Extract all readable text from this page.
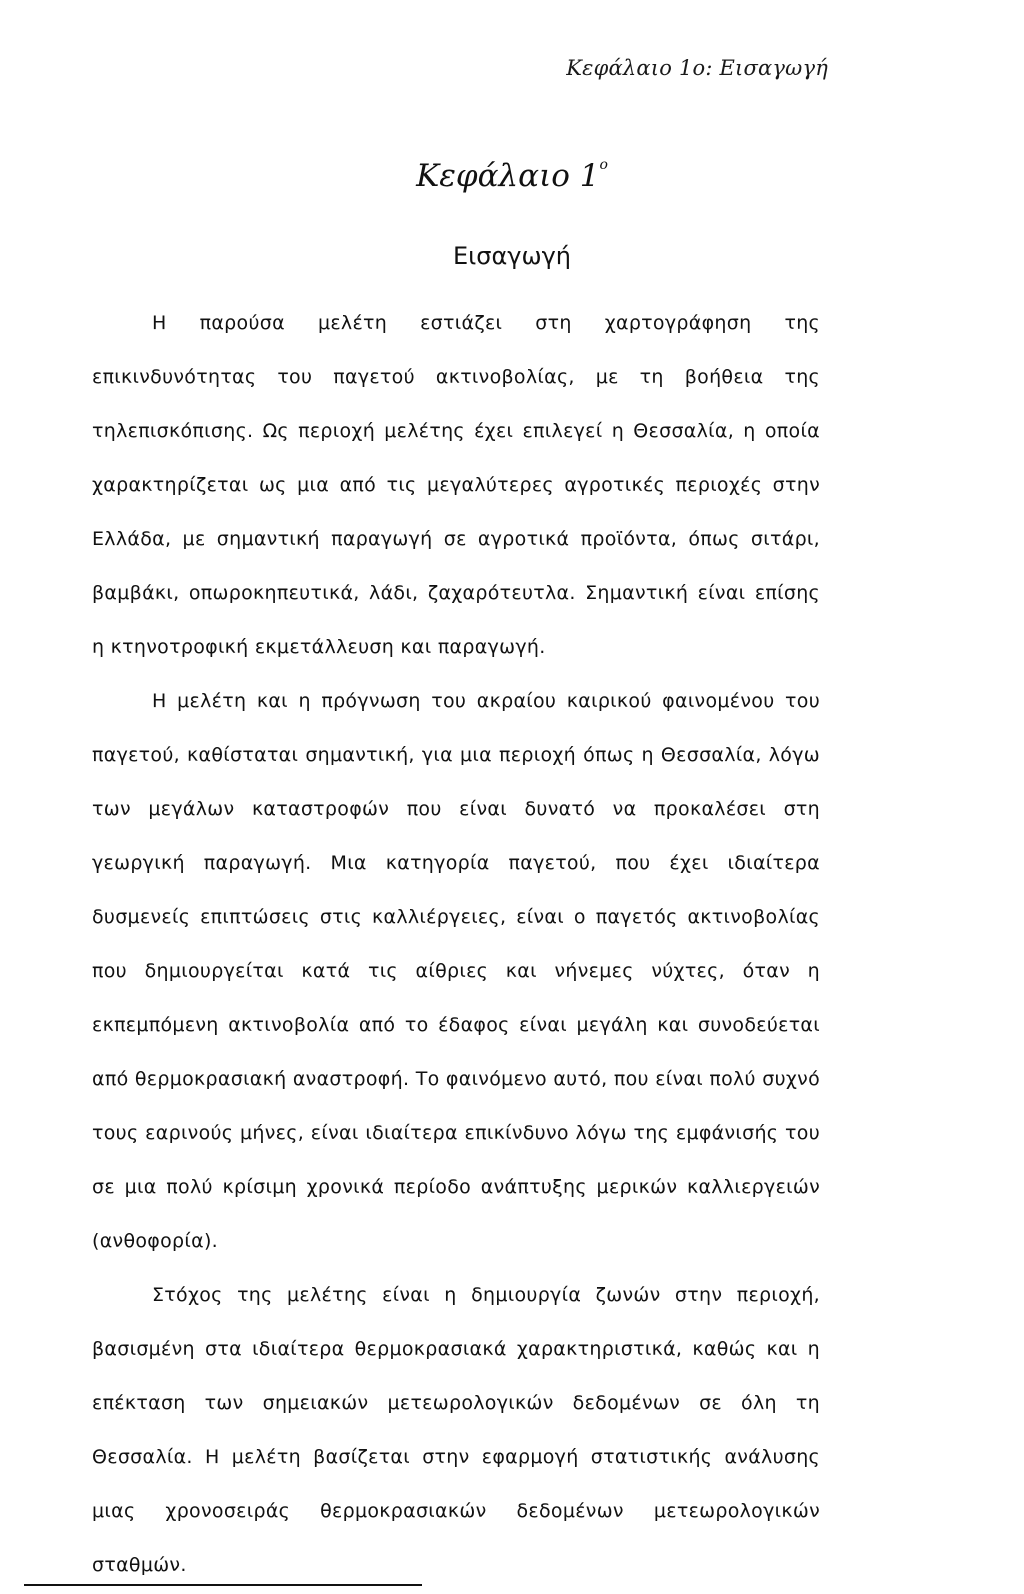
Κεφάλαιο 1ο: Εισαγωγή
Κεφάλαιο $1^o$
Εισαγωγή

Η παρούσα μελέτη εστιάζει στη χαρτογράφηση της επικινδυνότητας του παγετού ακτινοβολίας, με τη βοήθεια της τηλεπισκόπισης. Ως περιοχή μελέτης έχει επιλεγεί η Θεσσαλία, η οποία χαρακτηρίζεται ως μια από τις μεγαλύτερες αγροτικές περιοχές στην Ελλάδα, με σημαντική παραγωγή σε αγροτικά προϊόντα, όπως σιτάρι, βαμβάκι, οπωροκηπευτικά, λάδι, ζαχαρότευτλα. Σημαντική είναι επίσης η κτηνοτροφική εκμετάλλευση και παραγωγή.

Η μελέτη και η πρόγνωση του ακραίου καιρικού φαινομένου του παγετού, καθίσταται σημαντική, για μια περιοχή όπως η Θεσσαλία, λόγω των μεγάλων καταστροφών που είναι δυνατό να προκαλέσει στη γεωργική παραγωγή. Μια κατηγορία παγετού, που έχει ιδιαίτερα δυσμενείς επιπτώσεις στις καλλιέργειες, είναι ο παγετός ακτινοβολίας που δημιουργείται κατά τις αίθριες και νήνεμες νύχτες, όταν η εκπεμπόμενη ακτινοβολία από το έδαφος είναι μεγάλη και συνοδεύεται από θερμοκρασιακή αναστροφή. Το φαινόμενο αυτό, που είναι πολύ συχνό τους εαρινούς μήνες, είναι ιδιαίτερα επικίνδυνο λόγω της εμφάνισής του σε μια πολύ κρίσιμη χρονικά περίοδο ανάπτυξης μερικών καλλιεργειών (ανθοφορία).

Στόχος της μελέτης είναι η δημιουργία ζωνών στην περιοχή, βασισμένη στα ιδιαίτερα θερμοκρασιακά χαρακτηριστικά, καθώς και η επέκταση των σημειακών μετεωρολογικών δεδομένων σε όλη τη Θεσσαλία. Η μελέτη βασίζεται στην εφαρμογή στατιστικής ανάλυσης μιας χρονοσειράς θερμοκρασιακών δεδομένων μετεωρολογικών σταθμών.
